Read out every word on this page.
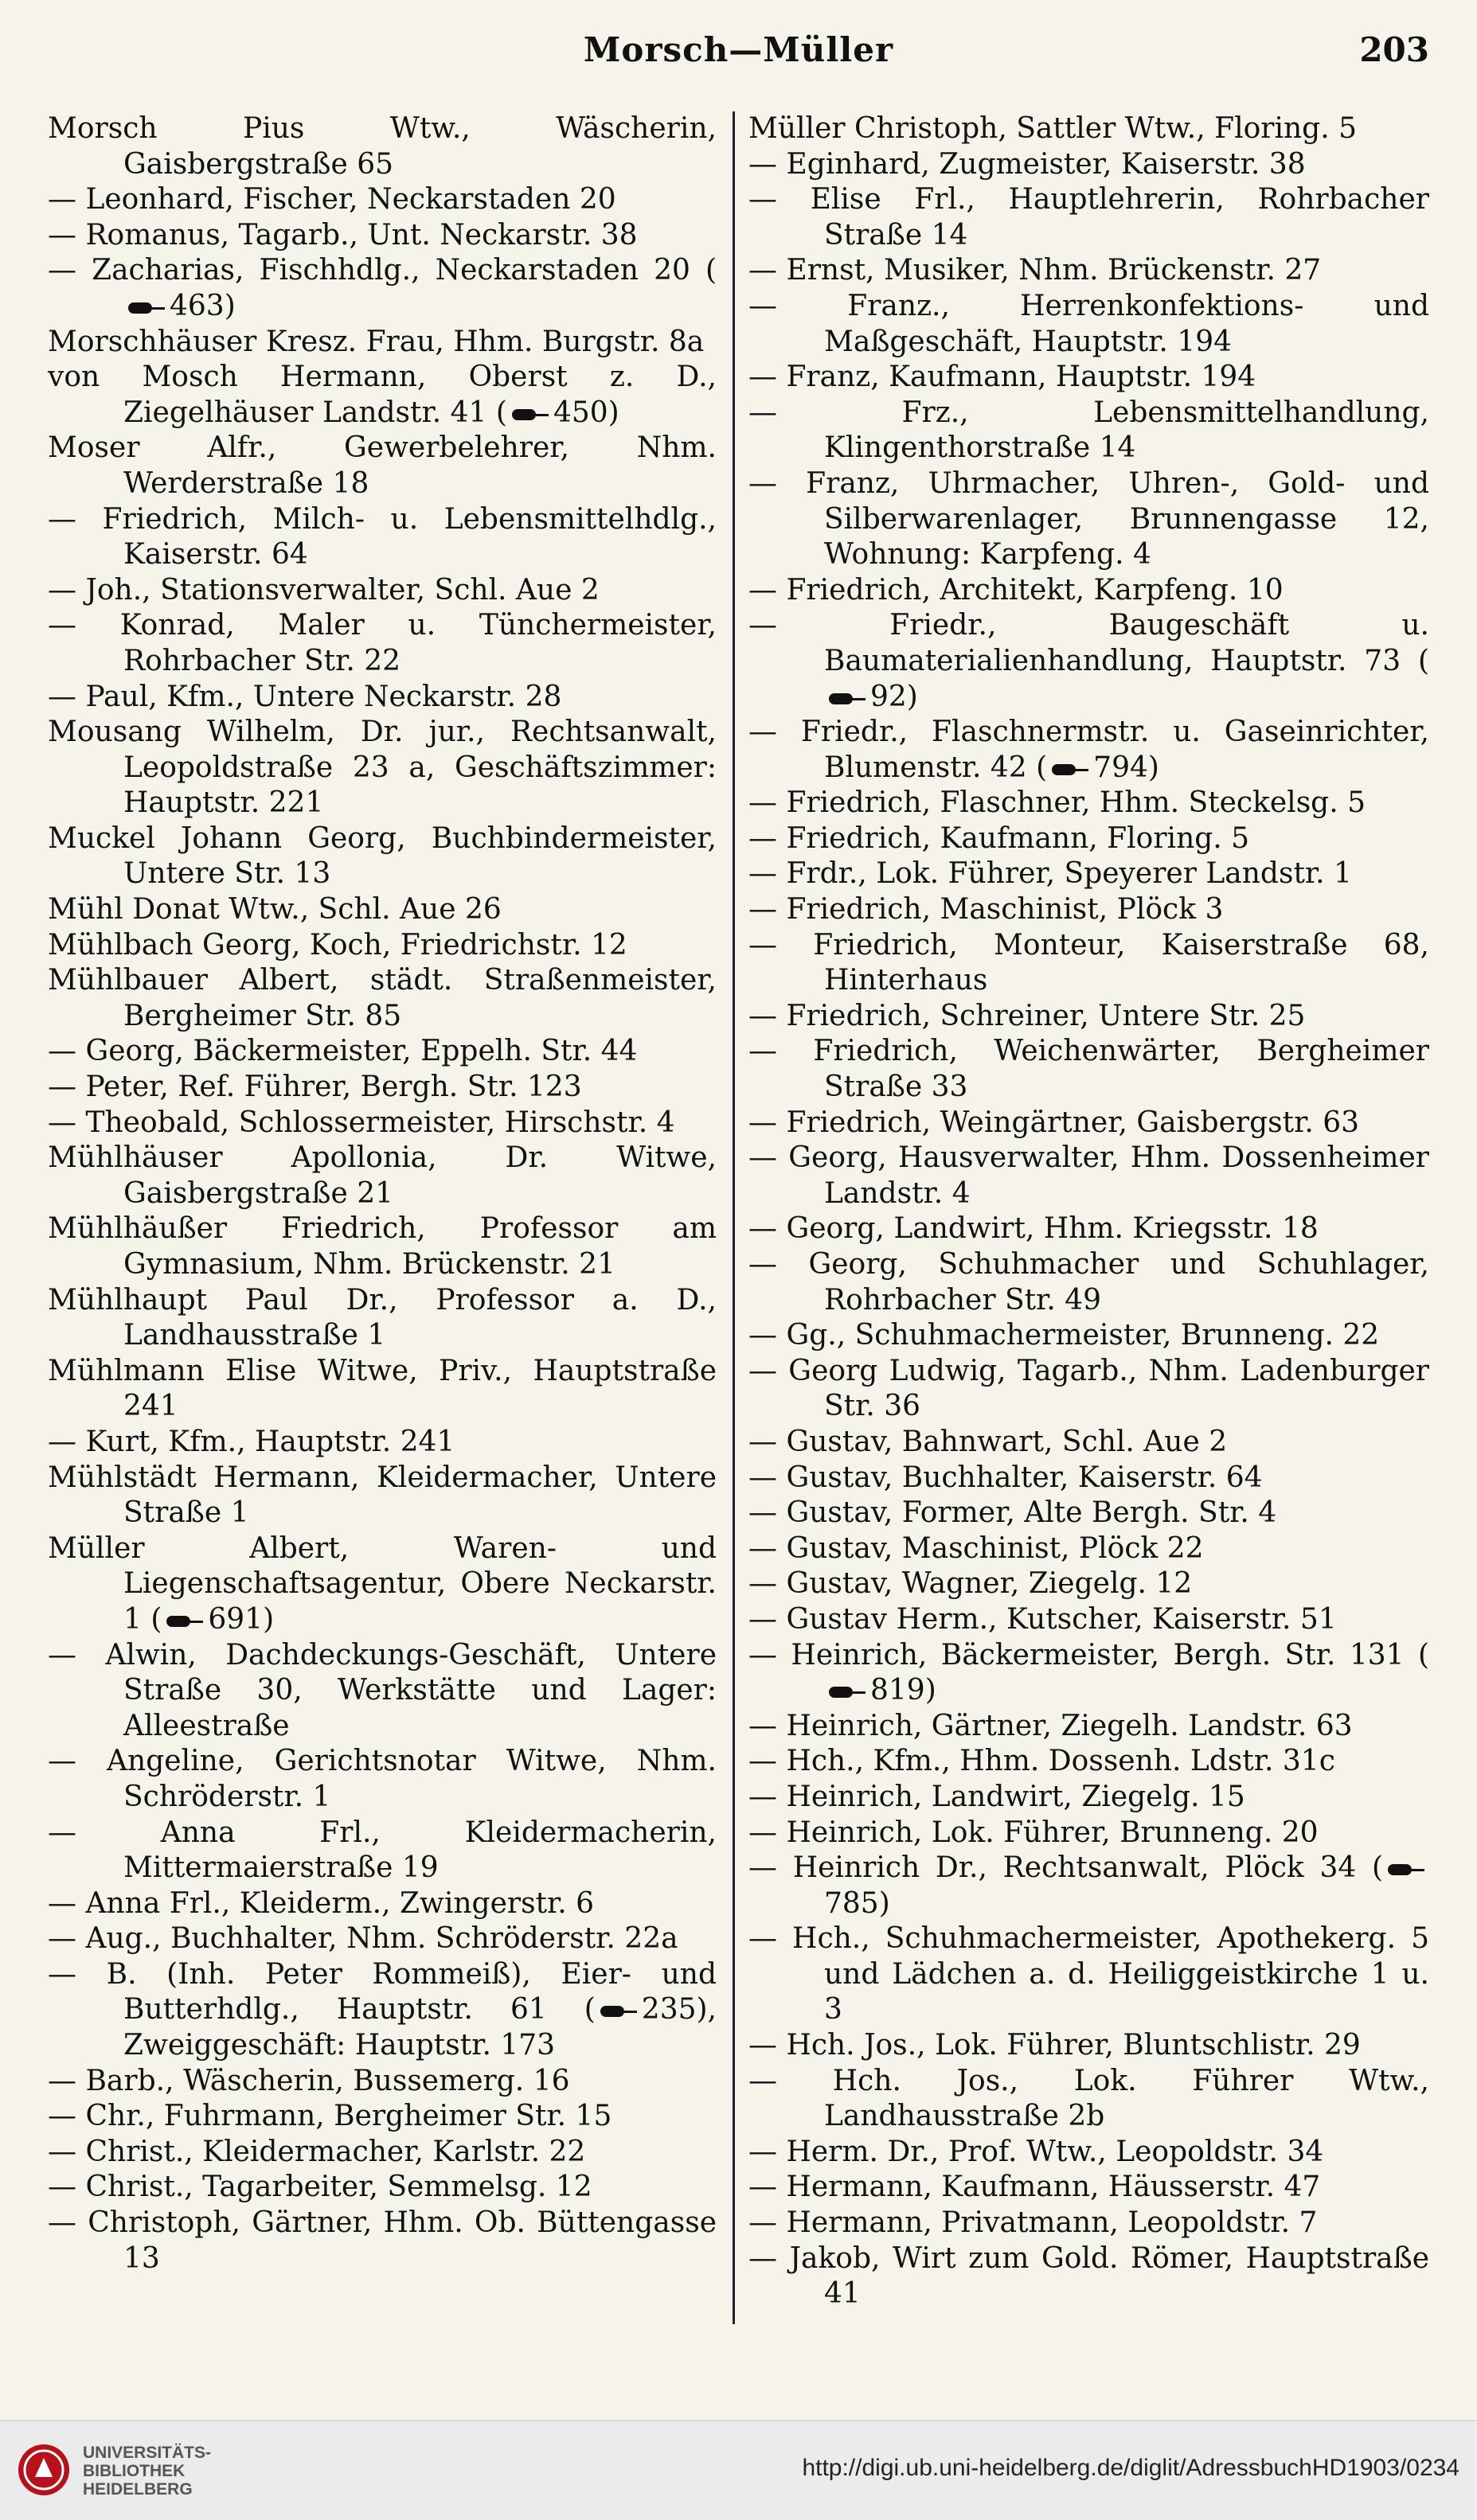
Morsch—Müller	203
Morsch Pius Wtw., Wäscherin, Gaisbergstraße 65
— Leonhard, Fischer, Neckarstaden 20
— Romanus, Tagarb., Unt. Neckarstr. 38
— Zacharias, Fischhdlg., Neckarstaden 20 (463)
Morschhäuser Kresz. Frau, Hhm. Burgstr. 8a
von Mosch Hermann, Oberst z. D., Ziegelhäuser Landstr. 41 ( 450)
Moser Alfr., Gewerbelehrer, Nhm. Werderstraße 18
— Friedrich, Milch- u. Lebensmittelhdlg., Kaiserstr. 64
— Joh., Stationsverwalter, Schl. Aue 2
— Konrad, Maler u. Tünchermeister, Rohrbacher Str. 22
— Paul, Kfm., Untere Neckarstr. 28
Mousang Wilhelm, Dr. jur., Rechtsanwalt, Leopoldstraße 23 a, Geschäftszimmer: Hauptstr. 221
Muckel Johann Georg, Buchbindermeister, Untere Str. 13
Mühl Donat Wtw., Schl. Aue 26
Mühlbach Georg, Koch, Friedrichstr. 12
Mühlbauer Albert, städt. Straßenmeister, Bergheimer Str. 85
— Georg, Bäckermeister, Eppelh. Str. 44
— Peter, Ref. Führer, Bergh. Str. 123
— Theobald, Schlossermeister, Hirschstr. 4
Mühlhäuser Apollonia, Dr. Witwe, Gaisbergstraße 21
Mühlhäußer Friedrich, Professor am Gymnasium, Nhm. Brückenstr. 21
Mühlhaupt Paul Dr., Professor a. D., Landhausstraße 1
Mühlmann Elise Witwe, Priv., Hauptstraße 241
— Kurt, Kfm., Hauptstr. 241
Mühlstädt Hermann, Kleidermacher, Untere Straße 1
Müller Albert, Waren- und Liegenschaftsagentur, Obere Neckarstr. 1 ( 691)
— Alwin, Dachdeckungs-Geschäft, Untere Straße 30, Werkstätte und Lager: Alleestraße
— Angeline, Gerichtsnotar Witwe, Nhm. Schröderstr. 1
— Anna Frl., Kleidermacherin, Mittermaierstraße 19
— Anna Frl., Kleiderm., Zwingerstr. 6
— Aug., Buchhalter, Nhm. Schröderstr. 22a
— B. (Inh. Peter Rommeiß), Eier- und Butterhdlg., Hauptstr. 61 ( 235), Zweiggeschäft: Hauptstr. 173
— Barb., Wäscherin, Bussemerg. 16
— Chr., Fuhrmann, Bergheimer Str. 15
— Christ., Kleidermacher, Karlstr. 22
— Christ., Tagarbeiter, Semmelsg. 12
— Christoph, Gärtner, Hhm. Ob. Büttengasse 13
Müller Christoph, Sattler Wtw., Floring. 5
— Eginhard, Zugmeister, Kaiserstr. 38
— Elise Frl., Hauptlehrerin, Rohrbacher Straße 14
— Ernst, Musiker, Nhm. Brückenstr. 27
— Franz., Herrenkonfektions- und Maßgeschäft, Hauptstr. 194
— Franz, Kaufmann, Hauptstr. 194
— Frz., Lebensmittelhandlung, Klingenthorstraße 14
— Franz, Uhrmacher, Uhren-, Gold- und Silberwarenlager, Brunnengasse 12, Wohnung: Karpfeng. 4
— Friedrich, Architekt, Karpfeng. 10
— Friedr., Baugeschäft u. Baumaterialienhandlung, Hauptstr. 73 (92)
— Friedr., Flaschnermstr. u. Gaseinrichter, Blumenstr. 42 ( 794)
— Friedrich, Flaschner, Hhm. Steckelsg. 5
— Friedrich, Kaufmann, Floring. 5
— Frdr., Lok. Führer, Speyerer Landstr. 1
— Friedrich, Maschinist, Plöck 3
— Friedrich, Monteur, Kaiserstraße 68, Hinterhaus
— Friedrich, Schreiner, Untere Str. 25
— Friedrich, Weichenwärter, Bergheimer Straße 33
— Friedrich, Weingärtner, Gaisbergstr. 63
— Georg, Hausverwalter, Hhm. Dossenheimer Landstr. 4
— Georg, Landwirt, Hhm. Kriegsstr. 18
— Georg, Schuhmacher und Schuhlager, Rohrbacher Str. 49
— Gg., Schuhmachermeister, Brunneng. 22
— Georg Ludwig, Tagarb., Nhm. Ladenburger Str. 36
— Gustav, Bahnwart, Schl. Aue 2
— Gustav, Buchhalter, Kaiserstr. 64
— Gustav, Former, Alte Bergh. Str. 4
— Gustav, Maschinist, Plöck 22
— Gustav, Wagner, Ziegelg. 12
— Gustav Herm., Kutscher, Kaiserstr. 51
— Heinrich, Bäckermeister, Bergh. Str. 131 (819)
— Heinrich, Gärtner, Ziegelh. Landstr. 63
— Hch., Kfm., Hhm. Dossenh. Ldstr. 31c
— Heinrich, Landwirt, Ziegelg. 15
— Heinrich, Lok. Führer, Brunneng. 20
— Heinrich Dr., Rechtsanwalt, Plöck 34 (785)
— Hch., Schuhmachermeister, Apothekerg. 5 und Lädchen a. d. Heiliggeistkirche 1 u. 3
— Hch. Jos., Lok. Führer, Bluntschlistr. 29
— Hch. Jos., Lok. Führer Wtw., Landhausstraße 2b
— Herm. Dr., Prof. Wtw., Leopoldstr. 34
— Hermann, Kaufmann, Häusserstr. 47
— Hermann, Privatmann, Leopoldstr. 7
— Jakob, Wirt zum Gold. Römer, Hauptstraße 41
UNIVERSITÄTS-
BIBLIOTHEK
HEIDELBERG
http://digi.ub.uni-heidelberg.de/diglit/AdressbuchHD1903/0234
